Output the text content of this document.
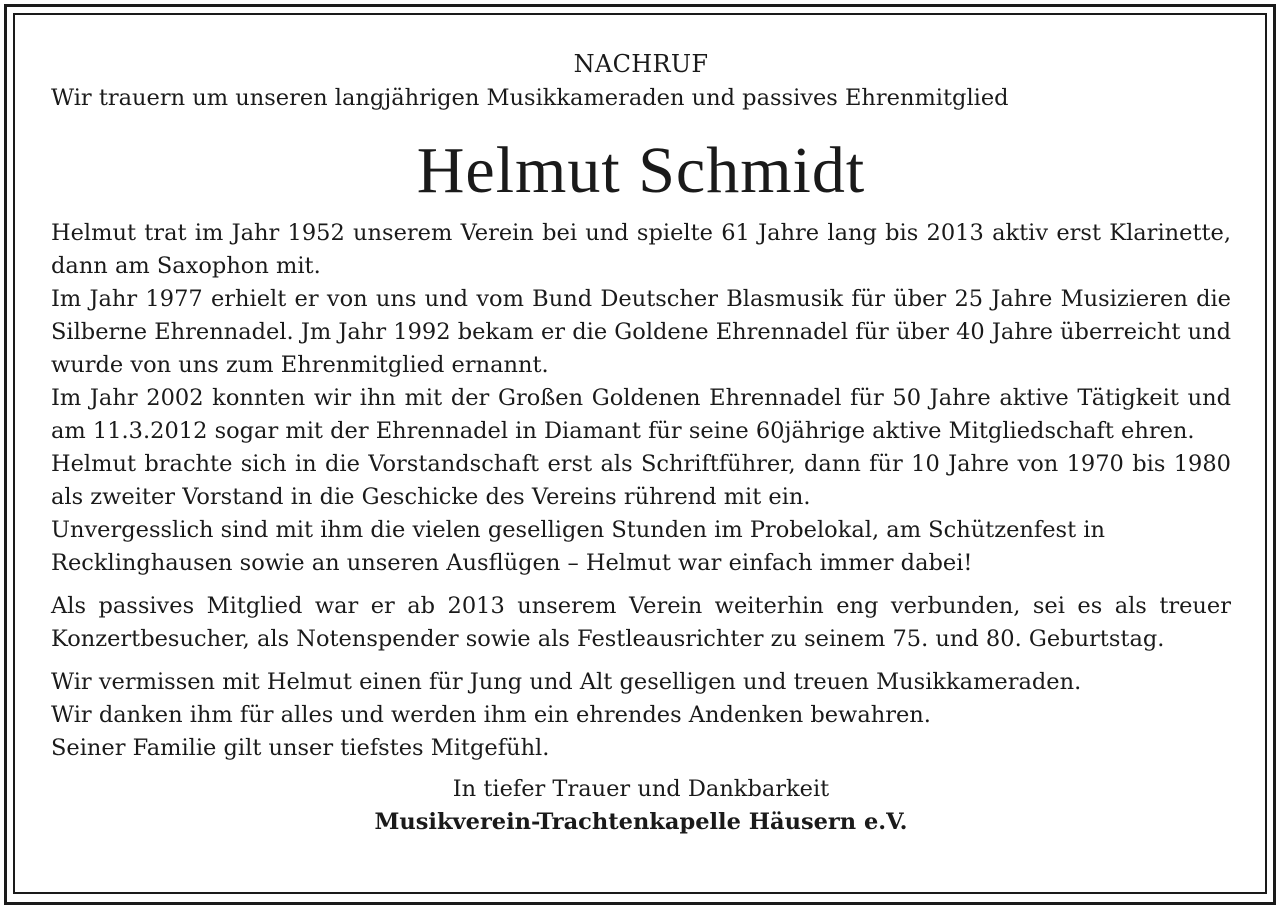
NACHRUF
Wir trauern um unseren langjährigen Musikkameraden und passives Ehrenmitglied
Helmut Schmidt

Helmut trat im Jahr 1952 unserem Verein bei und spielte 61 Jahre lang bis 2013 aktiv erst Klarinette, dann am Saxophon mit.

Im Jahr 1977 erhielt er von uns und vom Bund Deutscher Blasmusik für über 25 Jahre Musizieren die Silberne Ehrennadel. Jm Jahr 1992 bekam er die Goldene Ehrennadel für über 40 Jahre überreicht und wurde von uns zum Ehrenmitglied ernannt.

Im Jahr 2002 konnten wir ihn mit der Großen Goldenen Ehrennadel für 50 Jahre aktive Tätigkeit und am 11.3.2012 sogar mit der Ehrennadel in Diamant für seine 60jährige aktive Mitgliedschaft ehren.

Helmut brachte sich in die Vorstandschaft erst als Schriftführer, dann für 10 Jahre von 1970 bis 1980 als zweiter Vorstand in die Geschicke des Vereins rührend mit ein.

Unvergesslich sind mit ihm die vielen geselligen Stunden im Probelokal, am Schützenfest in Recklinghausen sowie an unseren Ausflügen – Helmut war einfach immer dabei!

Als passives Mitglied war er ab 2013 unserem Verein weiterhin eng verbunden, sei es als treuer Konzertbesucher, als Notenspender sowie als Festleausrichter zu seinem 75. und 80. Geburtstag.

Wir vermissen mit Helmut einen für Jung und Alt geselligen und treuen Musikkameraden.

Wir danken ihm für alles und werden ihm ein ehrendes Andenken bewahren.

Seiner Familie gilt unser tiefstes Mitgefühl.

In tiefer Trauer und Dankbarkeit
Musikverein-Trachtenkapelle Häusern e.V.
